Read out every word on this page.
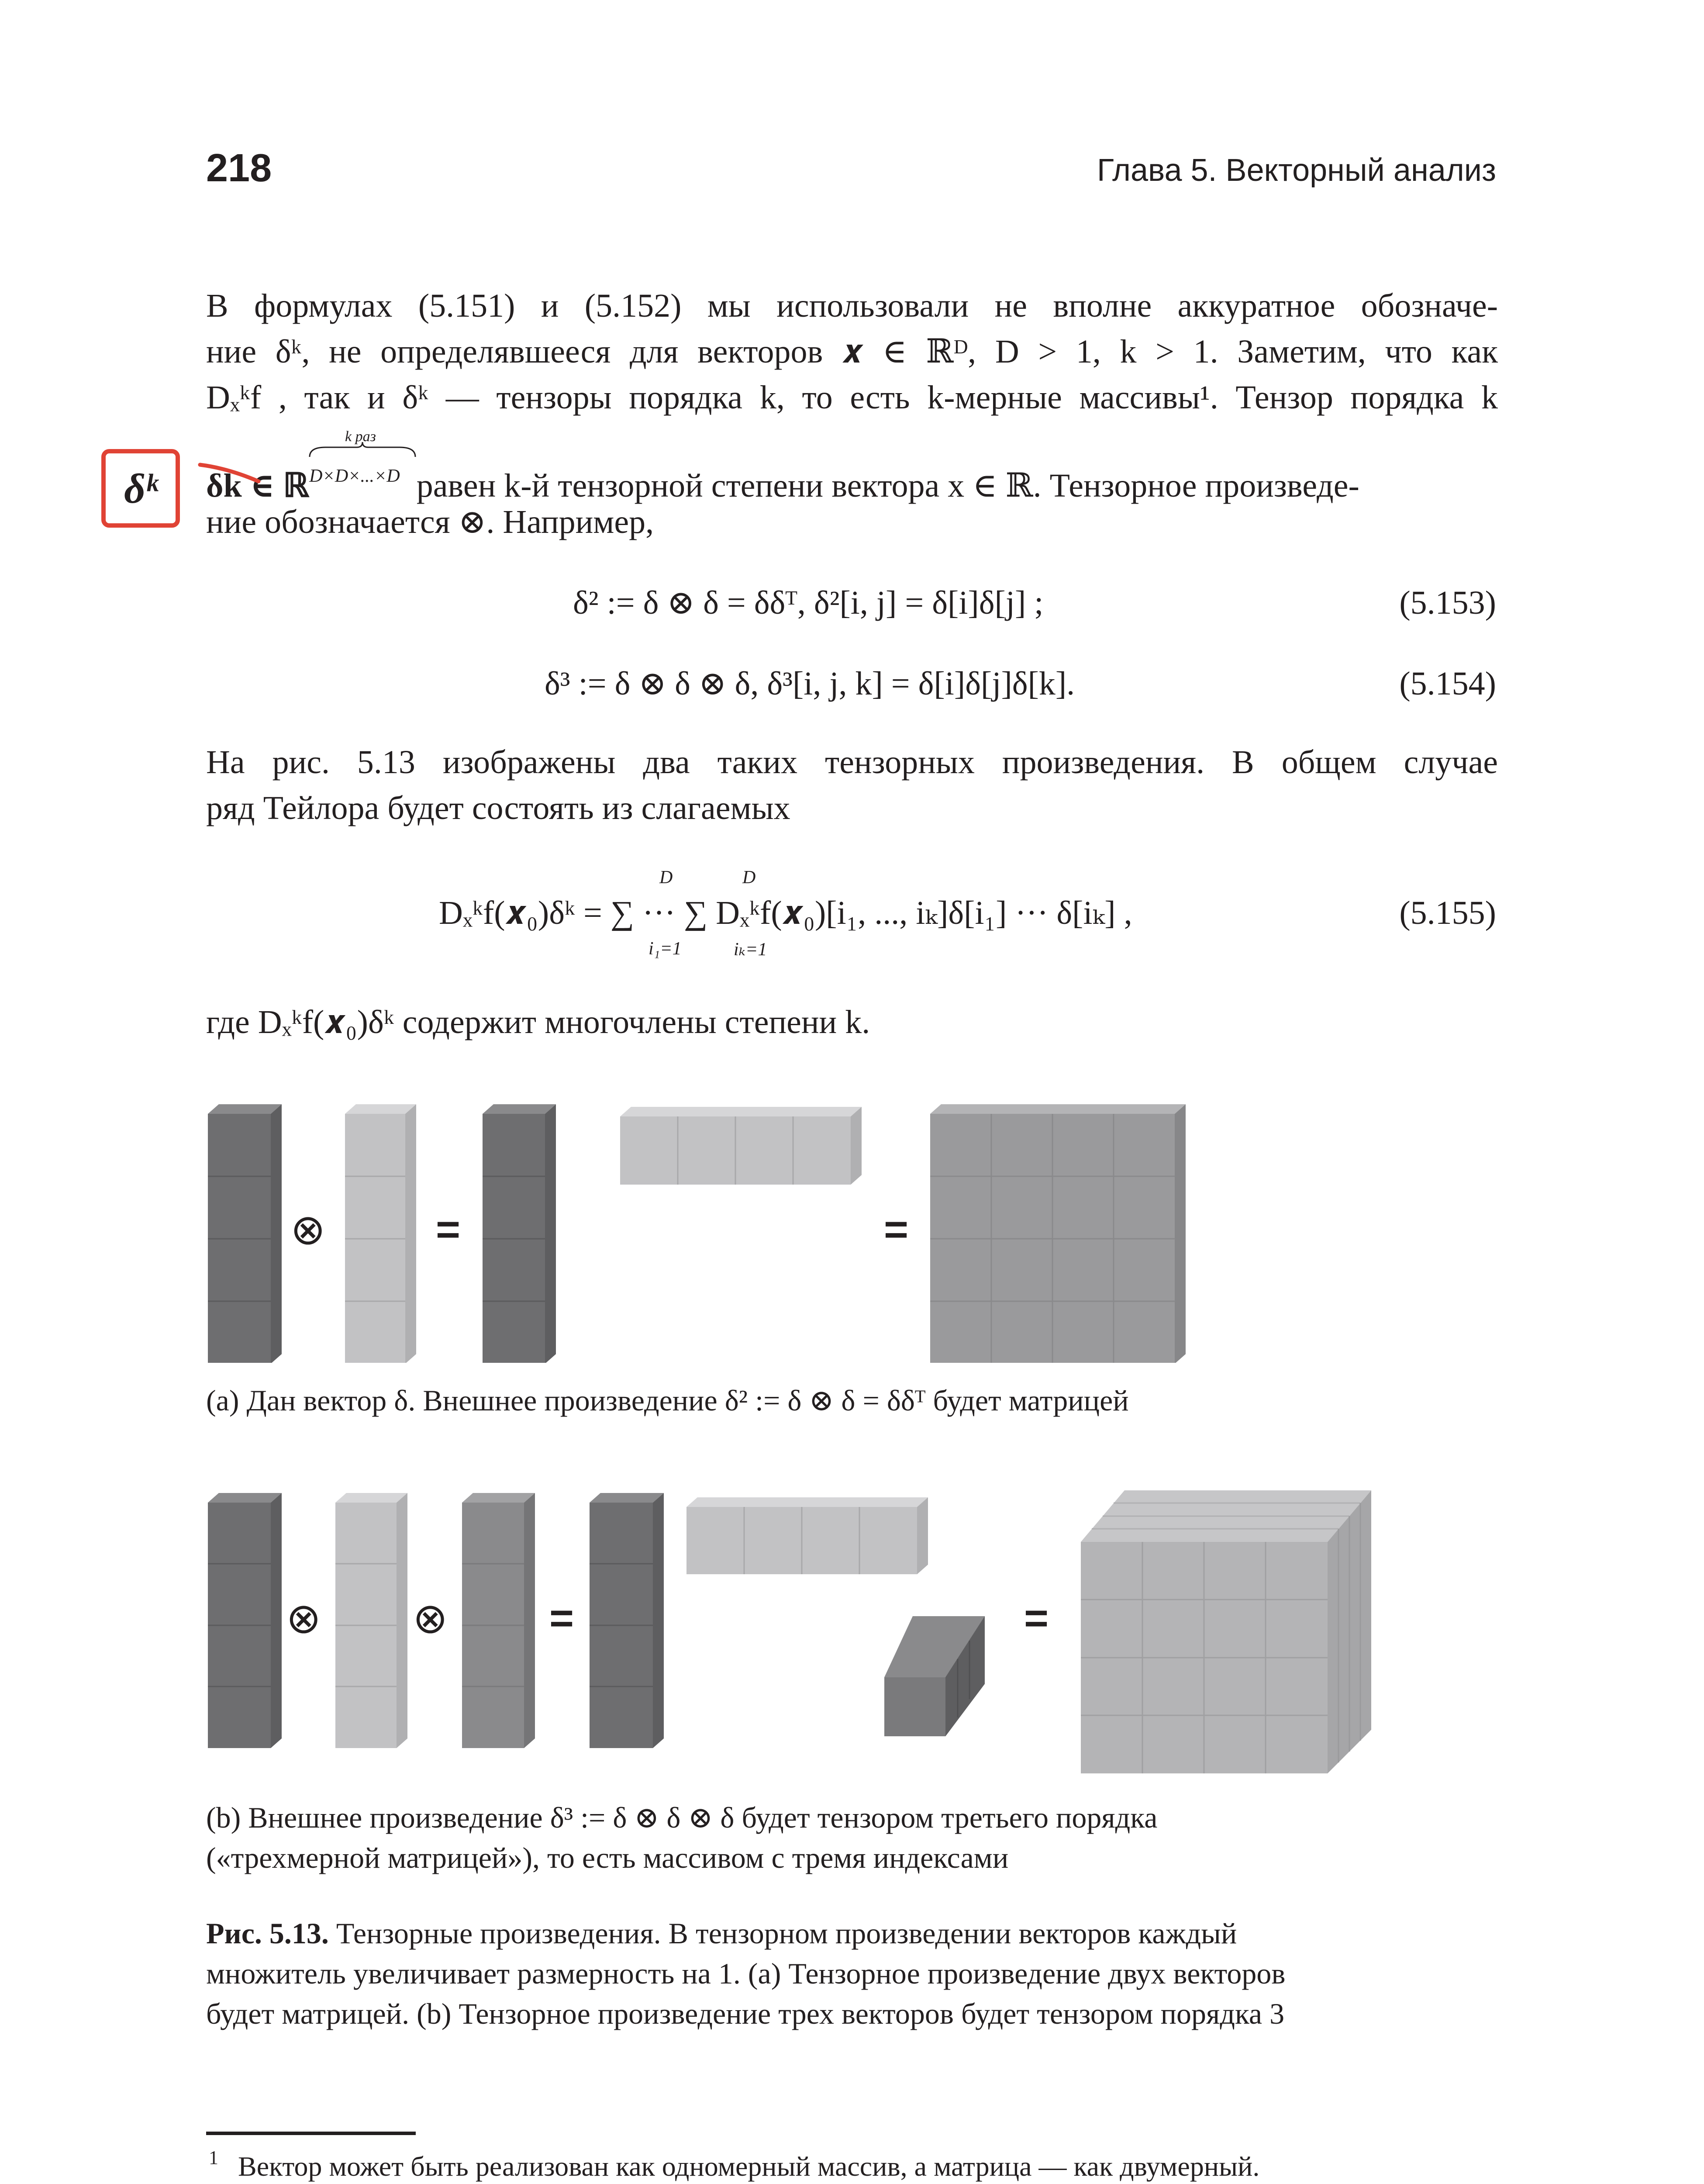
218	Глава 5. Векторный анализ
δᵏ
В формулах (5.151) и (5.152) мы использовали не вполне аккуратное обозначе-
ние δᵏ, не определявшееся для векторов 𝒙 ∈ ℝᴰ, D > 1, k > 1. Заметим, что как
Dₓᵏf , так и δᵏ — тензоры порядка k, то есть k-мерные массивы¹. Тензор порядка k
δk ∈ ℝ$^{D\times D\times...\times D}$ равен k-й тензорной степени вектора x ∈ ℝ. Тензорное произведе-
k раз
ние обозначается ⊗. Например,
δ² := δ ⊗ δ = δδᵀ, δ²[i, j] = δ[i]δ[j] ;	(5.153)
δ³ := δ ⊗ δ ⊗ δ, δ³[i, j, k] = δ[i]δ[j]δ[k].	(5.154)
На рис. 5.13 изображены два таких тензорных произведения. В общем случае
ряд Тейлора будет состоять из слагаемых
Dₓᵏf(𝒙₀)δᵏ = ∑ ··· ∑ Dₓᵏf(𝒙₀)[i₁, ..., iₖ]δ[i₁] ··· δ[iₖ] ,
D
i₁=1
D
iₖ=1
(5.155)
где Dₓᵏf(𝒙₀)δᵏ содержит многочлены степени k.
⊗	=	=
(a) Дан вектор δ. Внешнее произведение δ² := δ ⊗ δ = δδᵀ будет матрицей
⊗ ⊗ =	=
(b) Внешнее произведение δ³ := δ ⊗ δ ⊗ δ будет тензором третьего порядка
(«трехмерной матрицей»), то есть массивом с тремя индексами
Рис. 5.13. Тензорные произведения. В тензорном произведении векторов каждый
множитель увеличивает размерность на 1. (a) Тензорное произведение двух векторов
будет матрицей. (b) Тензорное произведение трех векторов будет тензором порядка 3
1 Вектор может быть реализован как одномерный массив, а матрица — как двумерный.
